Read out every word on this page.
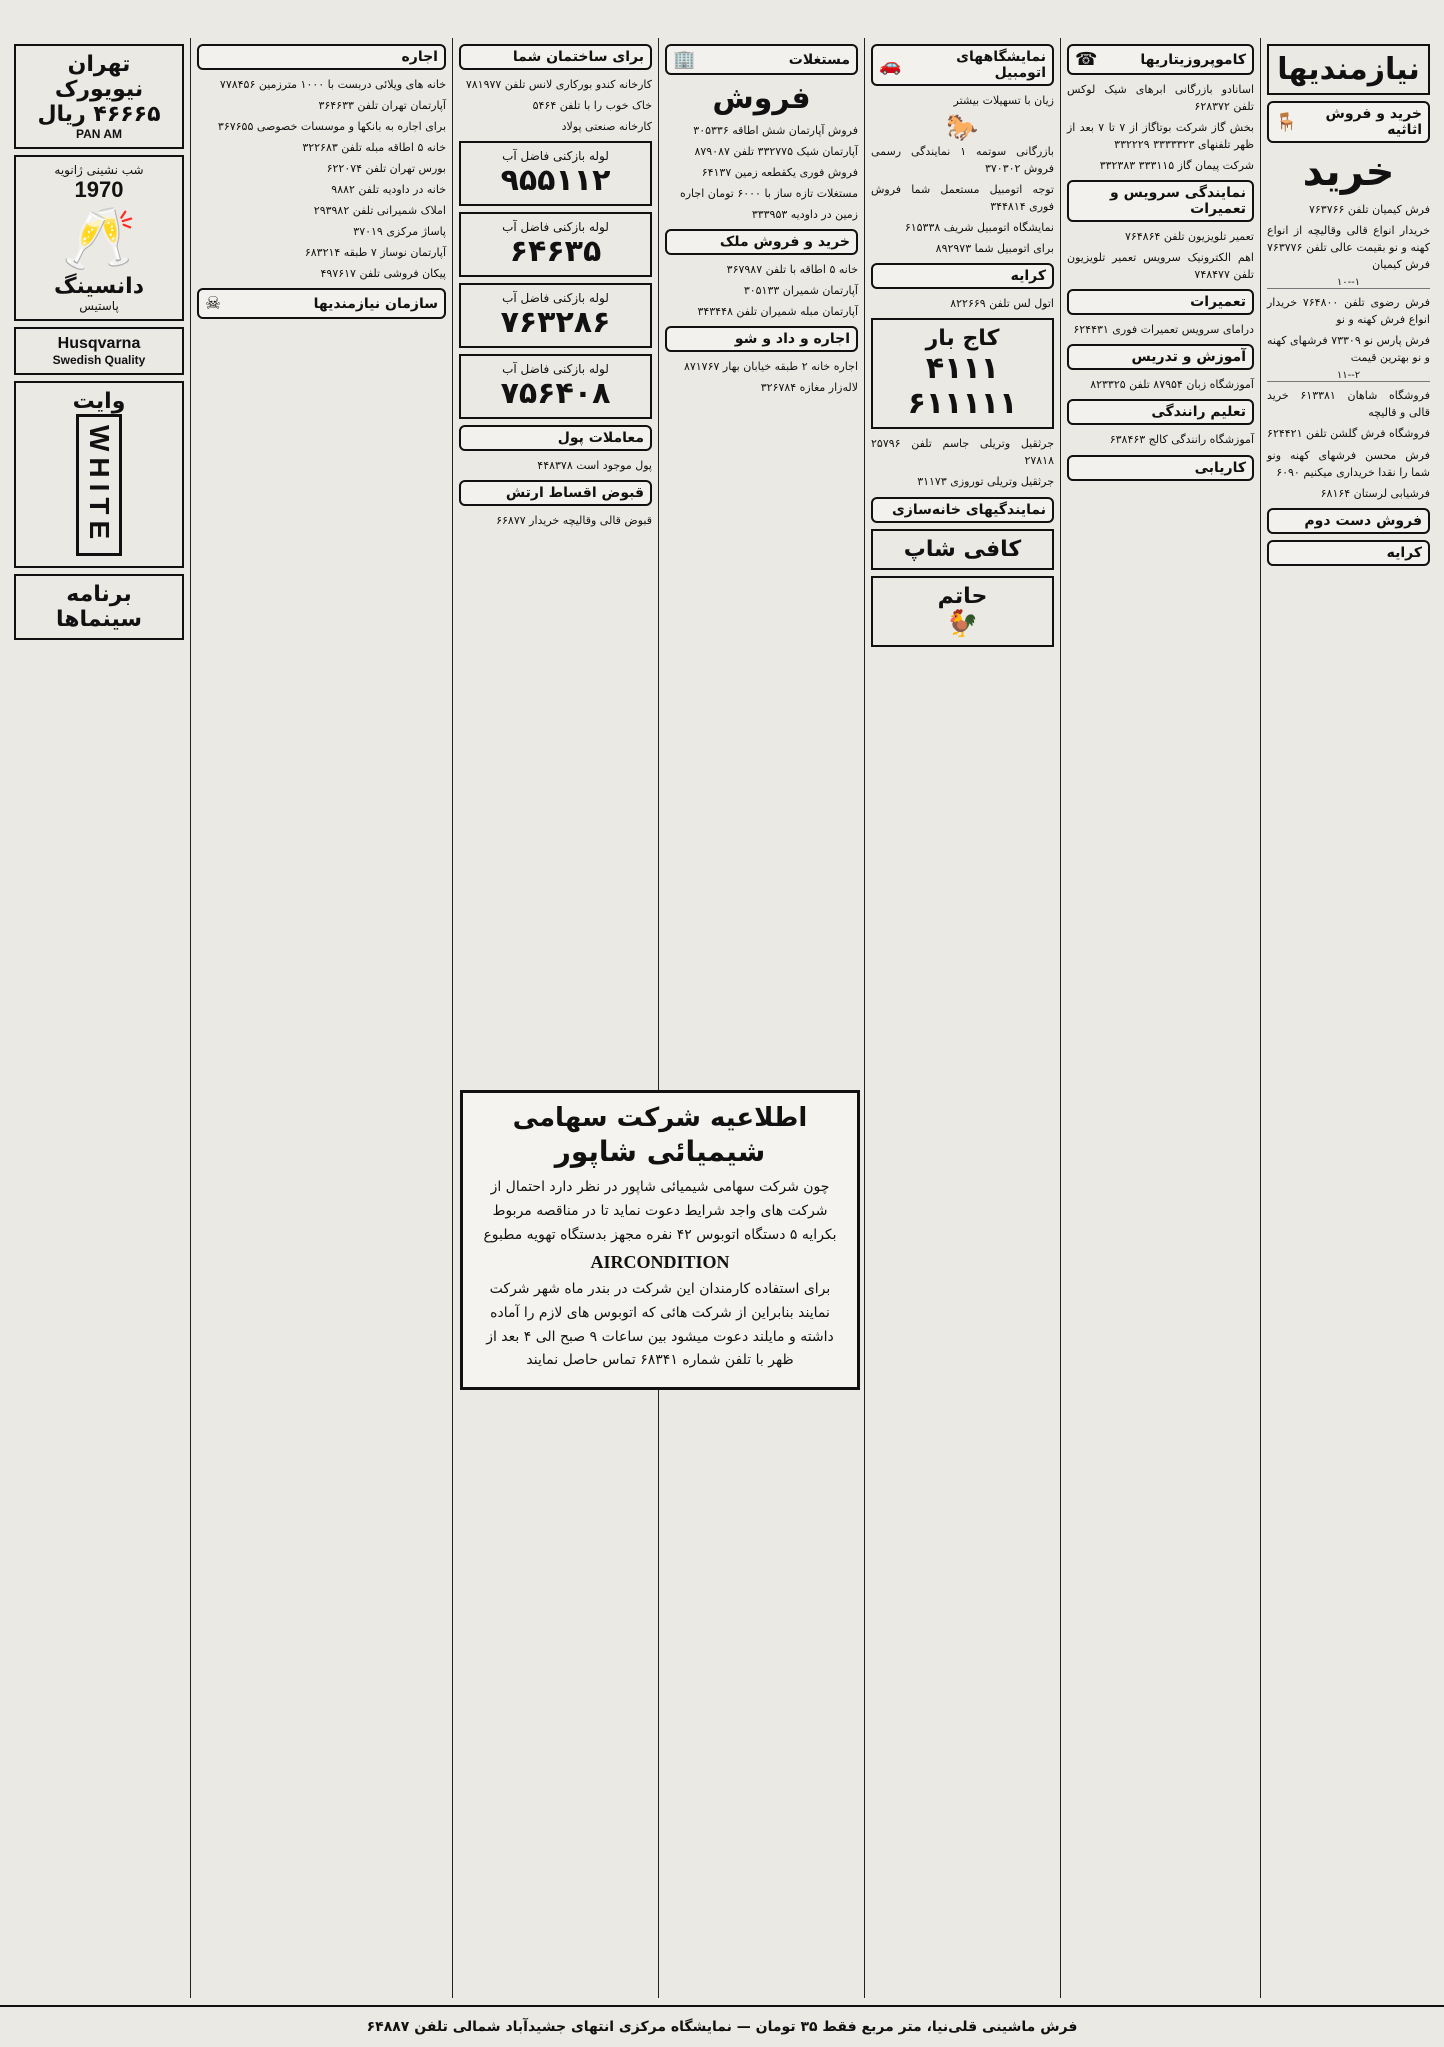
نیازمندیها
خرید و فروش اثاثیه
🪑
خرید

فرش کیمیان تلفن ۷۶۳۷۶۶

خریدار انواع قالی وقالیچه از انواع کهنه و نو بقیمت عالی تلفن ۷۶۳۷۷۶ فرش کیمیان

۱--۱۰

فرش رضوی تلفن ۷۶۴۸۰۰ خریدار انواع فرش کهنه و نو

فرش پارس نو ۷۳۳۰۹ فرشهای کهنه و نو بهترین قیمت

۲--۱۱

فروشگاه شاهان ۶۱۳۳۸۱ خرید قالی و قالیچه

فروشگاه فرش گلشن تلفن ۶۲۴۴۲۱

فرش محسن فرشهای کهنه ونو شما را نقدا خریداری میکنیم ۶۰۹۰

فرشیابی لرستان ۶۸۱۶۴

فروش دست دوم
کرایه
کاموپروزیتاریها
☎

اسانادو بازرگانی ابرهای شیک لوکس تلفن ۶۲۸۳۷۲

بخش گاز شرکت بوتاگاز از ۷ تا ۷ بعد از ظهر تلفنهای ۳۳۳۳۳۲۳ ۳۳۲۲۲۹

شرکت پیمان گاز ۳۳۳۱۱۵ ۳۳۲۳۸۳

نمایندگی سرویس و تعمیرات

تعمیر تلویزیون تلفن ۷۶۴۸۶۴

اهم الکترونیک سرویس تعمیر تلویزیون تلفن ۷۴۸۴۷۷

تعمیرات

درامای سرویس تعمیرات فوری ۶۲۴۴۳۱

آموزش و تدریس

آموزشگاه زبان ۸۷۹۵۴ تلفن ۸۲۳۳۲۵

تعلیم رانندگی

آموزشگاه رانندگی کالج ۶۳۸۴۶۳

کاریابی
نمایشگاههای اتومبیل
🚗

زیان با تسهیلات بیشتر

🐎

بازرگانی سوتمه ۱ نمایندگی رسمی فروش ۳۷۰۳۰۲

توجه اتومبیل مستعمل شما فروش فوری ۳۴۴۸۱۴

نمایشگاه اتومبیل شریف ۶۱۵۳۳۸

برای اتومبیل شما ۸۹۲۹۷۳

کرایه

اتول لس تلفن ۸۲۲۶۶۹

کاج بار
۴۱۱۱
۶۱۱۱۱۱

جرثقیل وتریلی جاسم تلفن ۲۵۷۹۶ ۲۷۸۱۸

جرثقیل وتریلی توروزی ۳۱۱۷۳

نمایندگیهای خانه‌سازی
کافی شاپ
حاتم
🐓
مستغلات
🏢
فروش

فروش آپارتمان شش اطاقه ۳۰۵۳۳۶

آپارتمان شیک ۳۳۲۷۷۵ تلفن ۸۷۹۰۸۷

فروش فوری یکقطعه زمین ۶۴۱۳۷

مستغلات تازه ساز با ۶۰۰۰ تومان اجاره

زمین در داودیه ۳۳۳۹۵۳

خرید و فروش ملک

خانه ۵ اطاقه با تلفن ۳۶۷۹۸۷

آپارتمان شمیران ۳۰۵۱۳۳

آپارتمان مبله شمیران تلفن ۳۴۳۴۴۸

اجاره و داد و شو

اجاره خانه ۲ طبقه خیابان بهار ۸۷۱۷۶۷

لاله‌زار مغازه ۳۲۶۷۸۴

برای ساختمان شما

کارخانه کندو بورکاری لانس تلفن ۷۸۱۹۷۷

خاک خوب را با تلفن ۵۴۶۴

کارخانه صنعتی پولاد

لوله بازکنی فاضل آب
۹۵۵۱۱۲
لوله بازکنی فاضل آب
۶۴۶۳۵
لوله بازکنی فاضل آب
۷۶۳۲۸۶
لوله بازکنی فاضل آب
۷۵۶۴۰۸
معاملات پول

پول موجود است ۴۴۸۳۷۸

قبوض اقساط ارتش

قبوض قالی وقالیچه خریدار ۶۶۸۷۷

اجاره

خانه های ویلائی دربست با ۱۰۰۰ مترزمین ۷۷۸۴۵۶

آپارتمان تهران تلفن ۳۶۴۶۳۳

برای اجاره به بانکها و موسسات خصوصی ۳۶۷۶۵۵

خانه ۵ اطاقه مبله تلفن ۳۲۲۶۸۳

بورس تهران تلفن ۶۲۲۰۷۴

خانه در داودیه تلفن ۹۸۸۲

املاک شمیرانی تلفن ۲۹۳۹۸۲

پاساژ مرکزی ۳۷۰۱۹

آپارتمان نوساز ۷ طبقه ۶۸۳۲۱۴

پیکان فروشی تلفن ۴۹۷۶۱۷

سازمان نیازمندیها
☠
تهران
نیویورک
۴۶۶۶۵ ریال
PAN AM
شب نشینی ژانویه
1970
🥂
دانسینگ
پاستیس
Husqvarna
Swedish Quality
وایت
WHITE
برنامه سینماها
اطلاعیه شرکت سهامی
شیمیائی شاپور

چون شرکت سهامی شیمیائی شاپور در نظر دارد احتمال از شرکت های واجد شرایط دعوت نماید تا در مناقصه مربوط بکرایه ۵ دستگاه اتوبوس ۴۲ نفره مجهز بدستگاه تهویه مطبوع

AIRCONDITION

برای استفاده کارمندان این شرکت در بندر ماه شهر شرکت نمایند بنابراین از شرکت هائی که اتوبوس های لازم را آماده داشته و مایلند دعوت میشود بین ساعات ۹ صبح الی ۴ بعد از ظهر با تلفن شماره ۶۸۳۴۱ تماس حاصل نمایند

فرش ماشینی قلی‌نیا، متر مربع فقط ۳۵ تومان — نمایشگاه مرکزی انتهای جشیدآباد شمالی تلفن ۶۴۸۸۷
